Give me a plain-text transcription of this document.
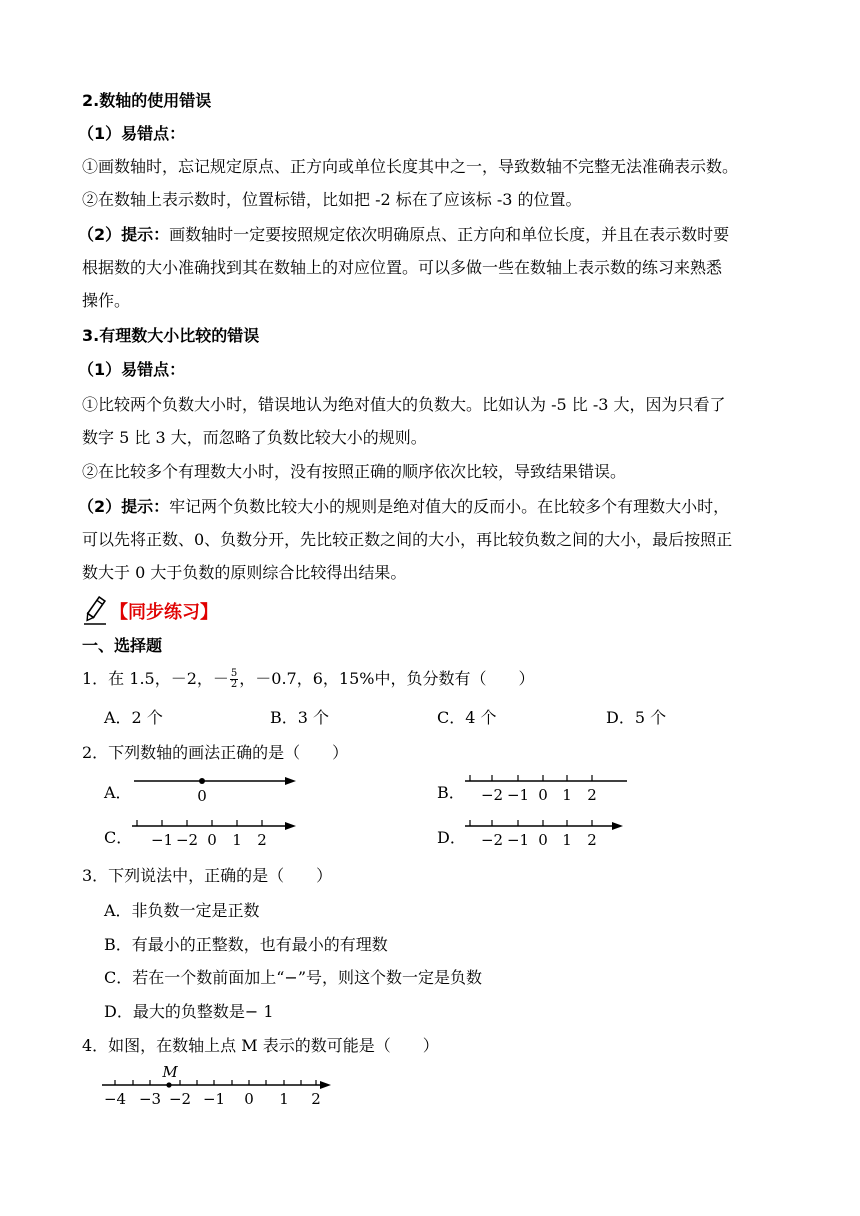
2.数轴的使用错误
（1）易错点：
①画数轴时，忘记规定原点、正方向或单位长度其中之一，导致数轴不完整无法准确表示数。
②在数轴上表示数时，位置标错，比如把 -2 标在了应该标 -3 的位置。
（2）提示：画数轴时一定要按照规定依次明确原点、正方向和单位长度，并且在表示数时要
根据数的大小准确找到其在数轴上的对应位置。可以多做一些在数轴上表示数的练习来熟悉
操作。
3.有理数大小比较的错误
（1）易错点：
①比较两个负数大小时，错误地认为绝对值大的负数大。比如认为 -5 比 -3 大，因为只看了
数字 5 比 3 大，而忽略了负数比较大小的规则。
②在比较多个有理数大小时，没有按照正确的顺序依次比较，导致结果错误。
（2）提示：牢记两个负数比较大小的规则是绝对值大的反而小。在比较多个有理数大小时，
可以先将正数、0、负数分开，先比较正数之间的大小，再比较负数之间的大小，最后按照正
数大于 0 大于负数的原则综合比较得出结果。
【同步练习】
一、选择题
1．在 1.5，－2，－ $\frac{5}{2}$ ，－0.7，6，15%中，负分数有（　　）
A．2 个	B．3 个	C．4 个	D．5 个
2．下列数轴的画法正确的是（　　）
A．	0	B． −2 −1 0 1 2
C． −1 −2 0 1 2	D． −2 −1 0 1 2
3．下列说法中，正确的是（　　）
A．非负数一定是正数
B．有最小的正整数，也有最小的有理数
C．若在一个数前面加上“−”号，则这个数一定是负数
D．最大的负整数是− 1
4．如图，在数轴上点 M 表示的数可能是（　　）
M
−4 −3 −2 −1 0 1 2
